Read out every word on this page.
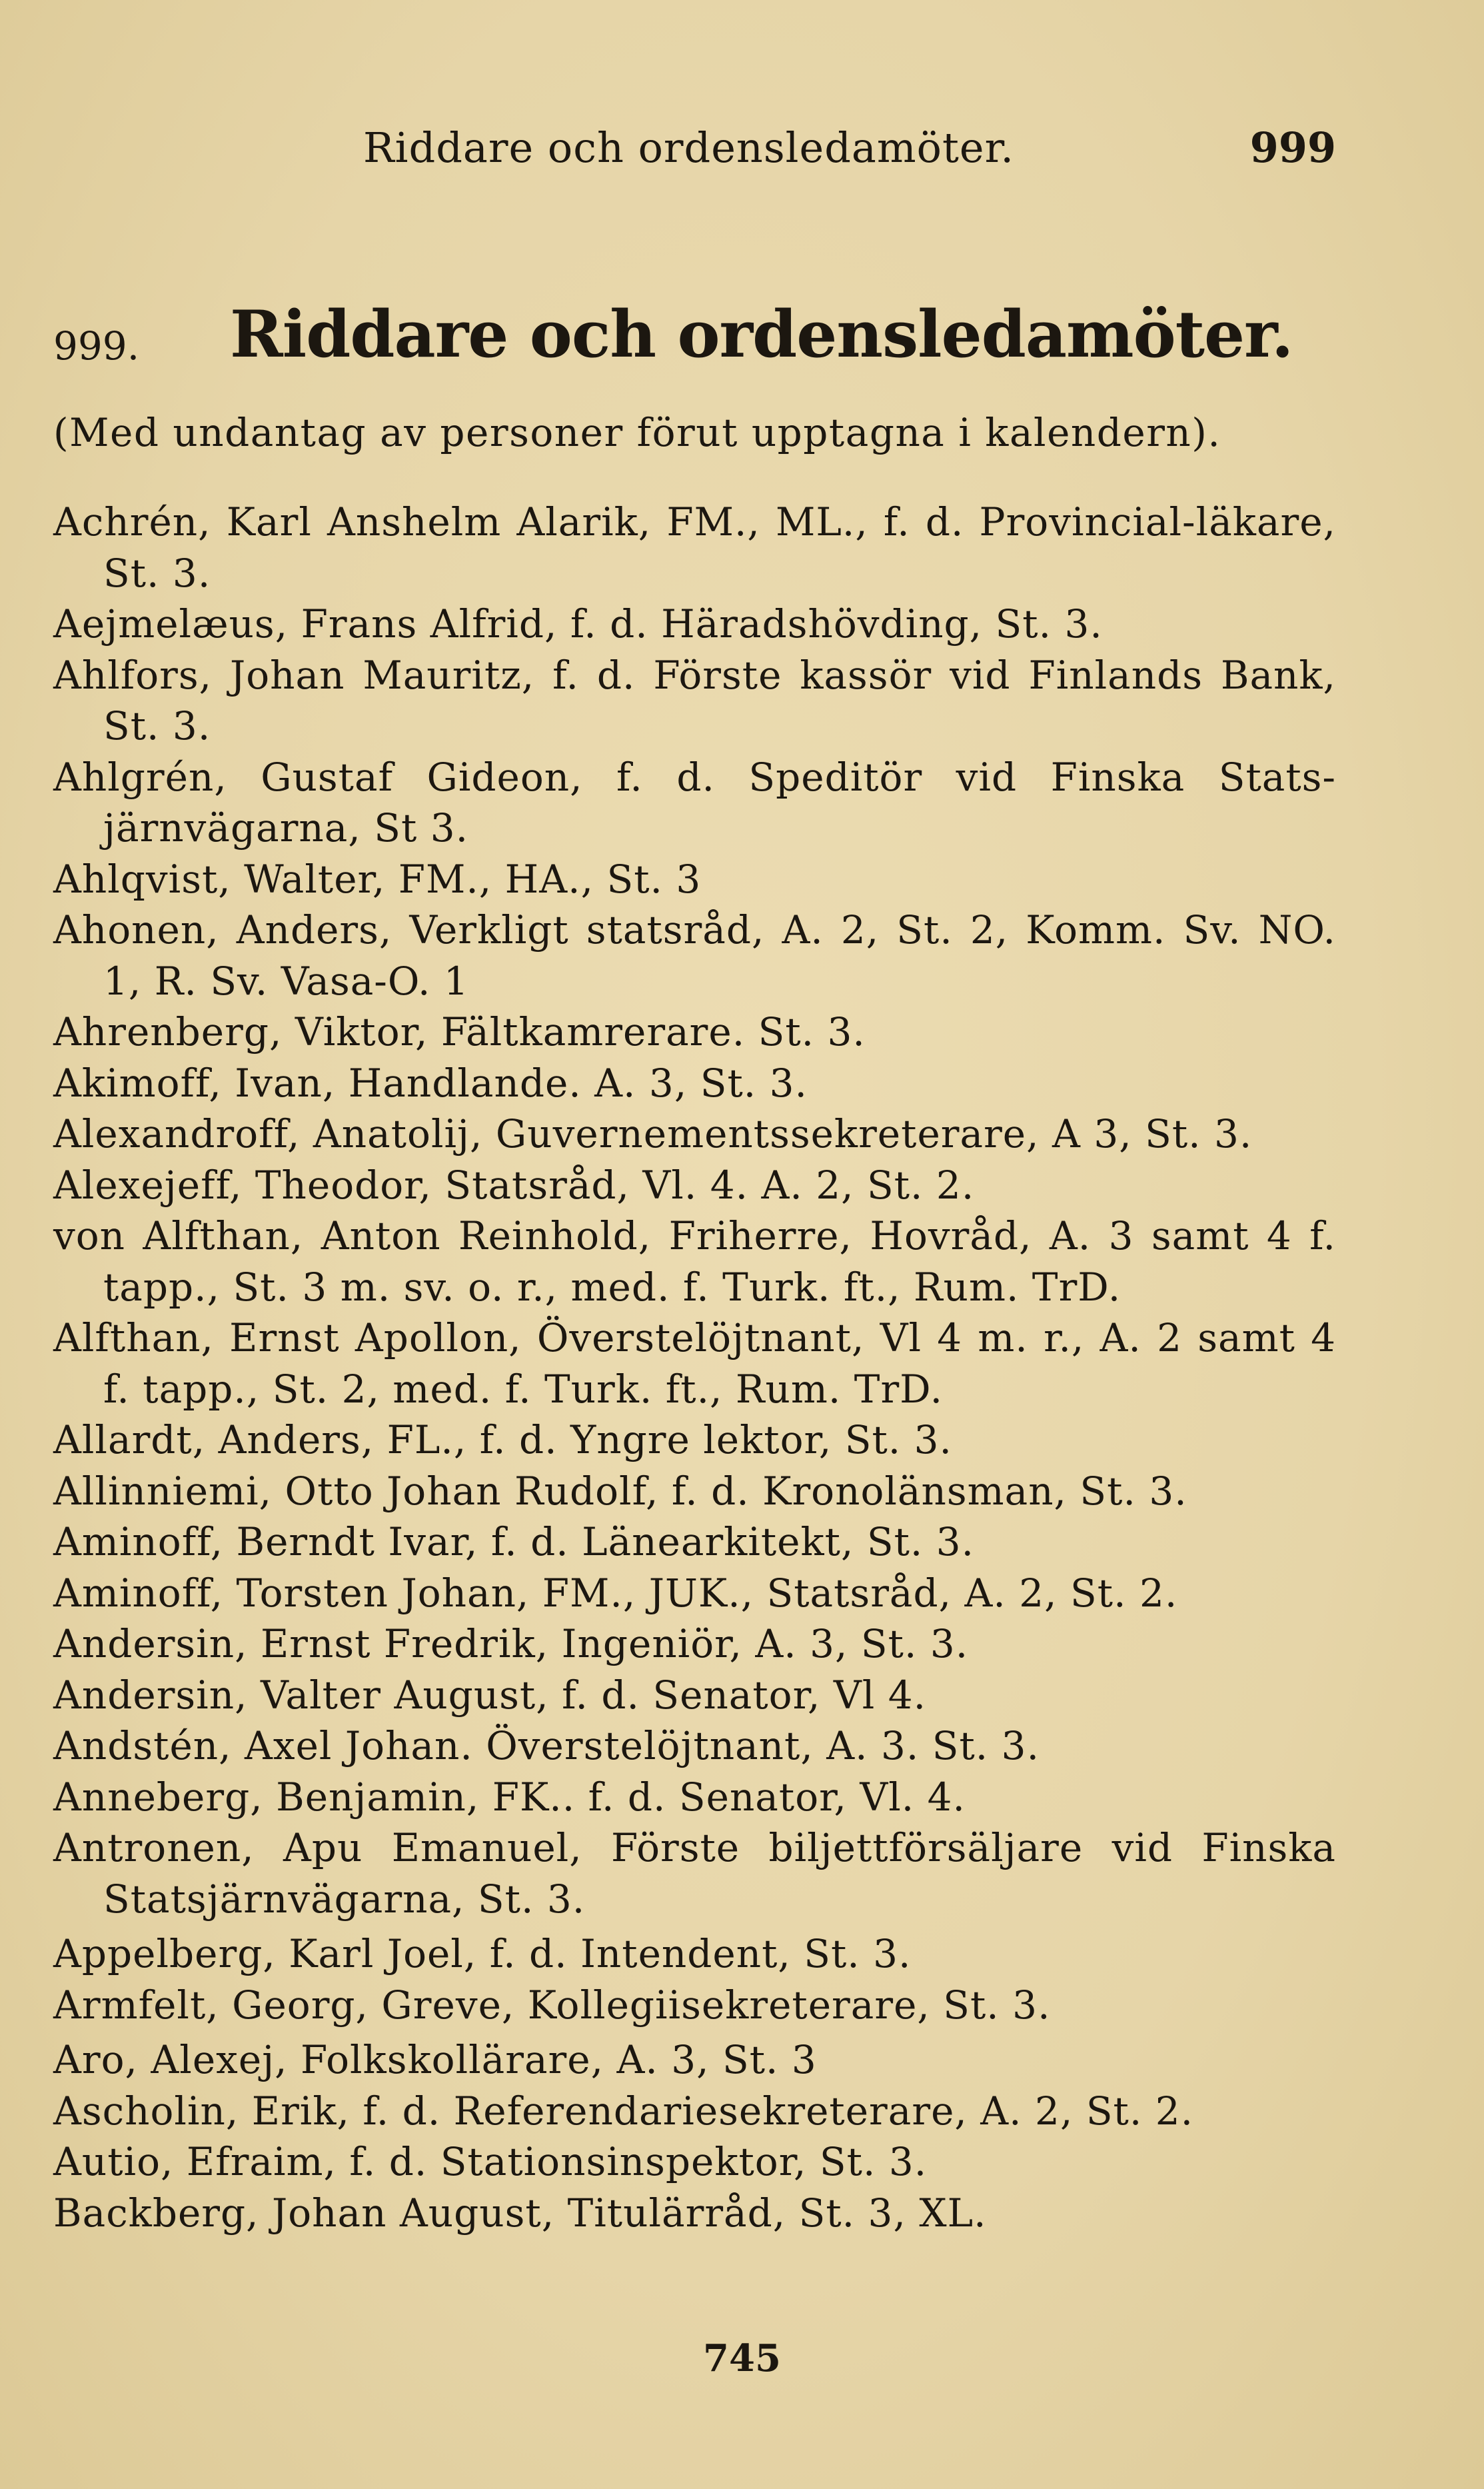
Riddare och ordensledamöter.	999
999. Riddare och ordensledamöter.
(Med undantag av personer förut upptagna i kalendern).
Achrén, Karl Anshelm Alarik, FM., ML., f. d. Provincial-läkare, St. 3.
Aejmelæus, Frans Alfrid, f. d. Häradshövding, St. 3.
Ahlfors, Johan Mauritz, f. d. Förste kassör vid Finlands Bank, St. 3.
Ahlgrén, Gustaf Gideon, f. d. Speditör vid Finska Stats-järnvägarna, St 3.
Ahlqvist, Walter, FM., HA., St. 3
Ahonen, Anders, Verkligt statsråd, A. 2, St. 2, Komm. Sv. NO. 1, R. Sv. Vasa-O. 1
Ahrenberg, Viktor, Fältkamrerare. St. 3.
Akimoff, Ivan, Handlande. A. 3, St. 3.
Alexandroff, Anatolij, Guvernementssekreterare, A 3, St. 3.
Alexejeff, Theodor, Statsråd, Vl. 4. A. 2, St. 2.
von Alfthan, Anton Reinhold, Friherre, Hovråd, A. 3 samt 4 f. tapp., St. 3 m. sv. o. r., med. f. Turk. ft., Rum. TrD.
Alfthan, Ernst Apollon, Överstelöjtnant, Vl 4 m. r., A. 2 samt 4 f. tapp., St. 2, med. f. Turk. ft., Rum. TrD.
Allardt, Anders, FL., f. d. Yngre lektor, St. 3.
Allinniemi, Otto Johan Rudolf, f. d. Kronolänsman, St. 3.
Aminoff, Berndt Ivar, f. d. Länearkitekt, St. 3.
Aminoff, Torsten Johan, FM., JUK., Statsråd, A. 2, St. 2.
Andersin, Ernst Fredrik, Ingeniör, A. 3, St. 3.
Andersin, Valter August, f. d. Senator, Vl 4.
Andstén, Axel Johan. Överstelöjtnant, A. 3. St. 3.
Anneberg, Benjamin, FK.. f. d. Senator, Vl. 4.
Antronen, Apu Emanuel, Förste biljettförsäljare vid Finska Statsjärnvägarna, St. 3.
Appelberg, Karl Joel, f. d. Intendent, St. 3.
Armfelt, Georg, Greve, Kollegiisekreterare, St. 3.
Aro, Alexej, Folkskollärare, A. 3, St. 3
Ascholin, Erik, f. d. Referendariesekreterare, A. 2, St. 2.
Autio, Efraim, f. d. Stationsinspektor, St. 3.
Backberg, Johan August, Titulärråd, St. 3, XL.
745
